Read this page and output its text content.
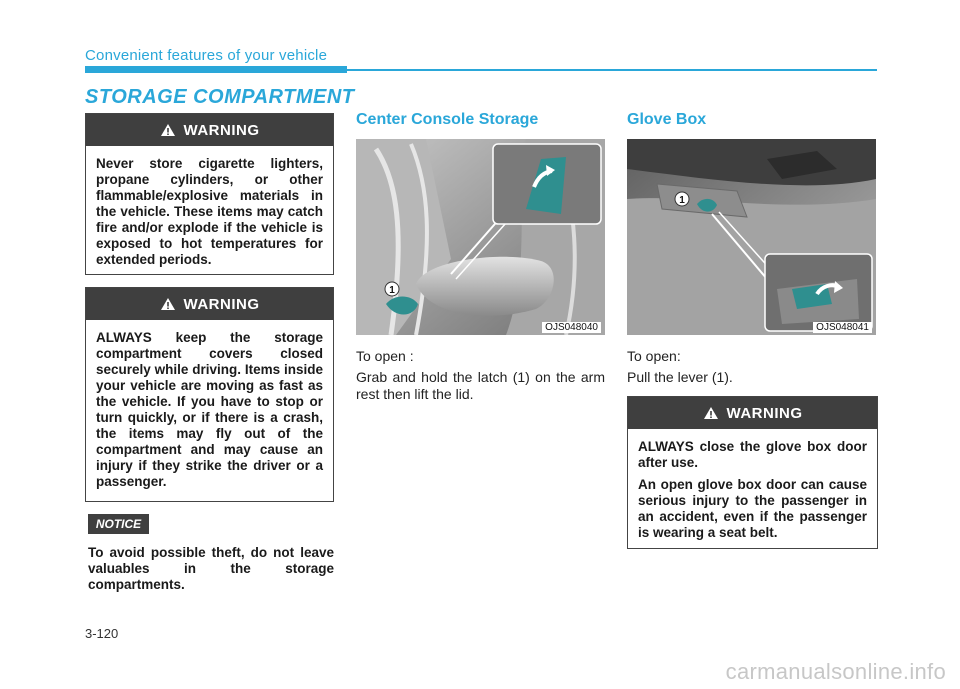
Convenient features of your vehicle
STORAGE COMPARTMENT
WARNING

Never store cigarette lighters, propane cylinders, or other flammable/explosive materials in the vehicle. These items may catch fire and/or explode if the vehicle is exposed to hot temperatures for extended periods.

WARNING

ALWAYS keep the storage compartment covers closed securely while driving. Items inside your vehicle are moving as fast as the vehicle. If you have to stop or turn quickly, or if there is a crash, the items may fly out of the compartment and may cause an injury if they strike the driver or a passenger.

NOTICE
To avoid possible theft, do not leave valuables in the storage compartments.
Center Console Storage
1
OJS048040
To open :
Grab and hold the latch (1) on the arm rest then lift the lid.
Glove Box
1
OJS048041
To open:
Pull the lever (1).
WARNING

ALWAYS close the glove box door after use.

An open glove box door can cause serious injury to the passenger in an accident, even if the passenger is wearing a seat belt.

3-120
carmanualsonline.info
